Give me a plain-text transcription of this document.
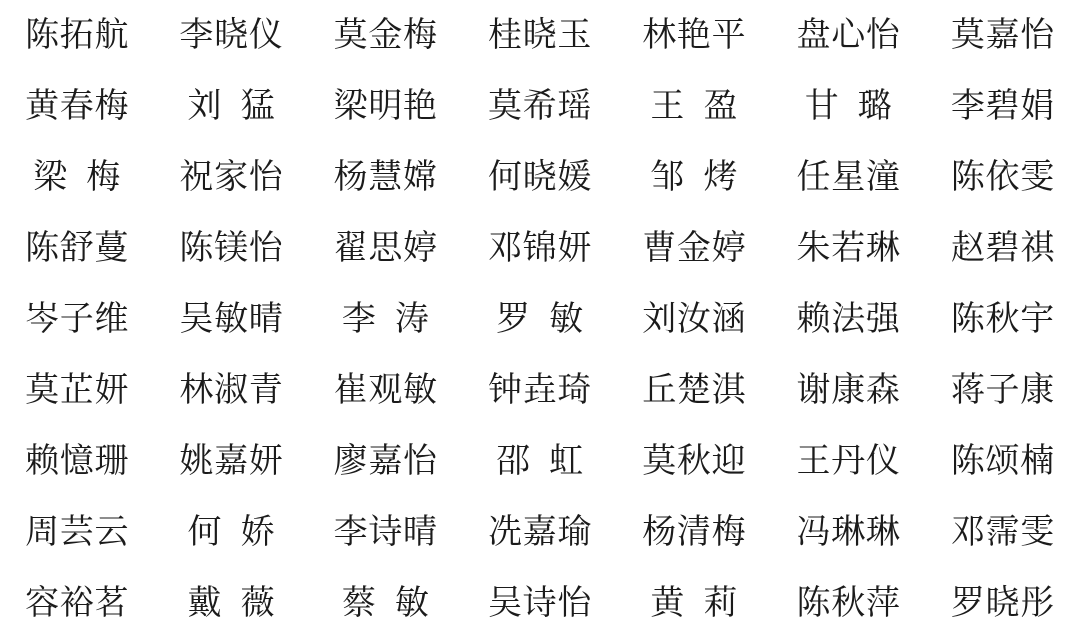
陈拓航 李晓仪 莫金梅 桂晓玉 林艳平 盘心怡 莫嘉怡
黄春梅 刘  猛 梁明艳 莫希瑶 王  盈 甘  璐 李碧娟
梁  梅 祝家怡 杨慧嫦 何晓媛 邹  烤 任星潼 陈依雯
陈舒蔓 陈镁怡 翟思婷 邓锦妍 曹金婷 朱若琳 赵碧祺
岑子维 吴敏晴 李  涛 罗  敏 刘汝涵 赖法强 陈秋宇
莫芷妍 林淑青 崔观敏 钟垚琦 丘楚淇 谢康森 蒋子康
赖憶珊 姚嘉妍 廖嘉怡 邵  虹 莫秋迎 王丹仪 陈颂楠
周芸云 何  娇 李诗晴 冼嘉瑜 杨清梅 冯琳琳 邓霈雯
容裕茗 戴  薇 蔡  敏 吴诗怡 黄  莉 陈秋萍 罗晓彤
